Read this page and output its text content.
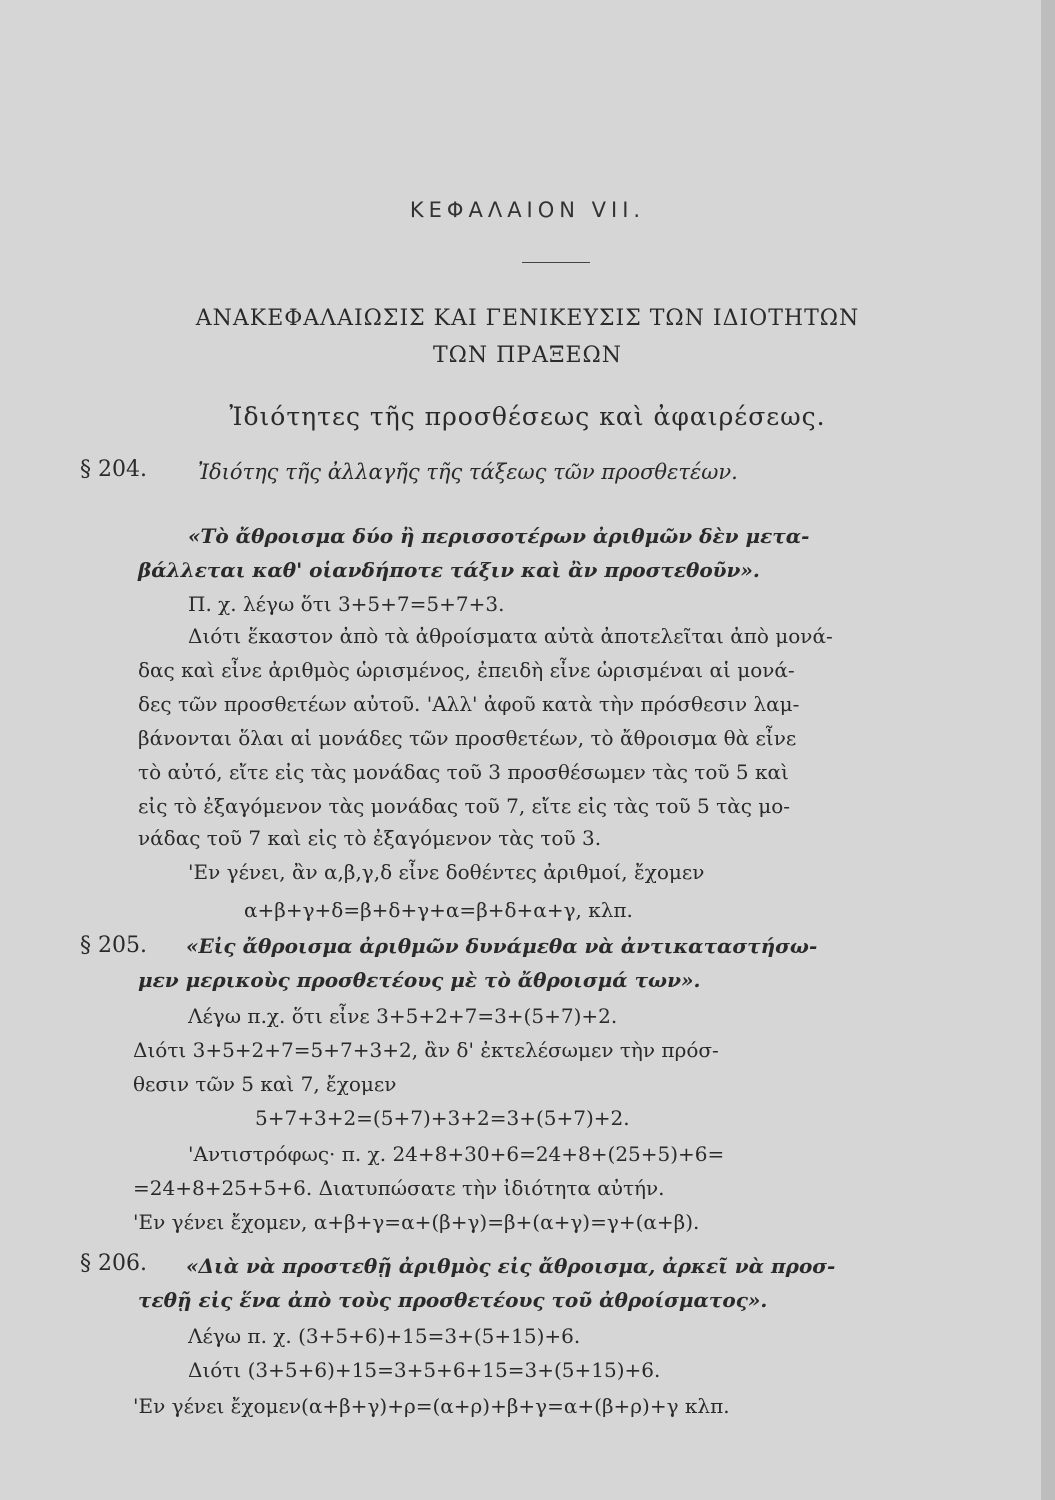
ΚΕΦΑΛΑΙΟΝ VII.
ΑΝΑΚΕΦΑΛΑΙΩΣΙΣ ΚΑΙ ΓΕΝΙΚΕΥΣΙΣ ΤΩΝ ΙΔΙΟΤΗΤΩΝ
ΤΩΝ ΠΡΑΞΕΩΝ
Ἰδιότητες τῆς προσθέσεως καὶ ἀφαιρέσεως.
§ 204. Ἰδιότης τῆς ἀλλαγῆς τῆς τάξεως τῶν προσθετέων.
«Τὸ ἄθροισμα δύο ἢ περισσοτέρων ἀριθμῶν δὲν μετα-
βάλλεται καθ' οἱανδήποτε τάξιν καὶ ἂν προστεθοῦν».
Π. χ. λέγω ὅτι 3+5+7=5+7+3.
Διότι ἕκαστον ἀπὸ τὰ ἀθροίσματα αὐτὰ ἀποτελεῖται ἀπὸ μονά-
δας καὶ εἶνε ἀριθμὸς ὡρισμένος, ἐπειδὴ εἶνε ὡρισμέναι αἱ μονά-
δες τῶν προσθετέων αὐτοῦ. 'Αλλ' ἀφοῦ κατὰ τὴν πρόσθεσιν λαμ-
βάνονται ὅλαι αἱ μονάδες τῶν προσθετέων, τὸ ἄθροισμα θὰ εἶνε
τὸ αὐτό, εἴτε εἰς τὰς μονάδας τοῦ 3 προσθέσωμεν τὰς τοῦ 5 καὶ
εἰς τὸ ἐξαγόμενον τὰς μονάδας τοῦ 7, εἴτε εἰς τὰς τοῦ 5 τὰς μο-
νάδας τοῦ 7 καὶ εἰς τὸ ἐξαγόμενον τὰς τοῦ 3.
'Εν γένει, ἂν α,β,γ,δ εἶνε δοθέντες ἀριθμοί, ἔχομεν
α+β+γ+δ=β+δ+γ+α=β+δ+α+γ, κλπ.
§ 205. «Εἰς ἄθροισμα ἀριθμῶν δυνάμεθα νὰ ἀντικαταστήσω-
μεν μερικοὺς προσθετέους μὲ τὸ ἄθροισμά των».
Λέγω π.χ. ὅτι εἶνε 3+5+2+7=3+(5+7)+2.
Διότι 3+5+2+7=5+7+3+2, ἂν δ' ἐκτελέσωμεν τὴν πρόσ-
θεσιν τῶν 5 καὶ 7, ἔχομεν
5+7+3+2=(5+7)+3+2=3+(5+7)+2.
'Αντιστρόφως· π. χ. 24+8+30+6=24+8+(25+5)+6=
=24+8+25+5+6. Διατυπώσατε τὴν ἰδιότητα αὐτήν.
'Εν γένει ἔχομεν, α+β+γ=α+(β+γ)=β+(α+γ)=γ+(α+β).
§ 206. «Διὰ νὰ προστεθῇ ἀριθμὸς εἰς ἄθροισμα, ἀρκεῖ νὰ προσ-
τεθῇ εἰς ἕνα ἀπὸ τοὺς προσθετέους τοῦ ἀθροίσματος».
Λέγω π. χ. (3+5+6)+15=3+(5+15)+6.
Διότι (3+5+6)+15=3+5+6+15=3+(5+15)+6.
'Εν γένει ἔχομεν(α+β+γ)+ρ=(α+ρ)+β+γ=α+(β+ρ)+γ κλπ.
